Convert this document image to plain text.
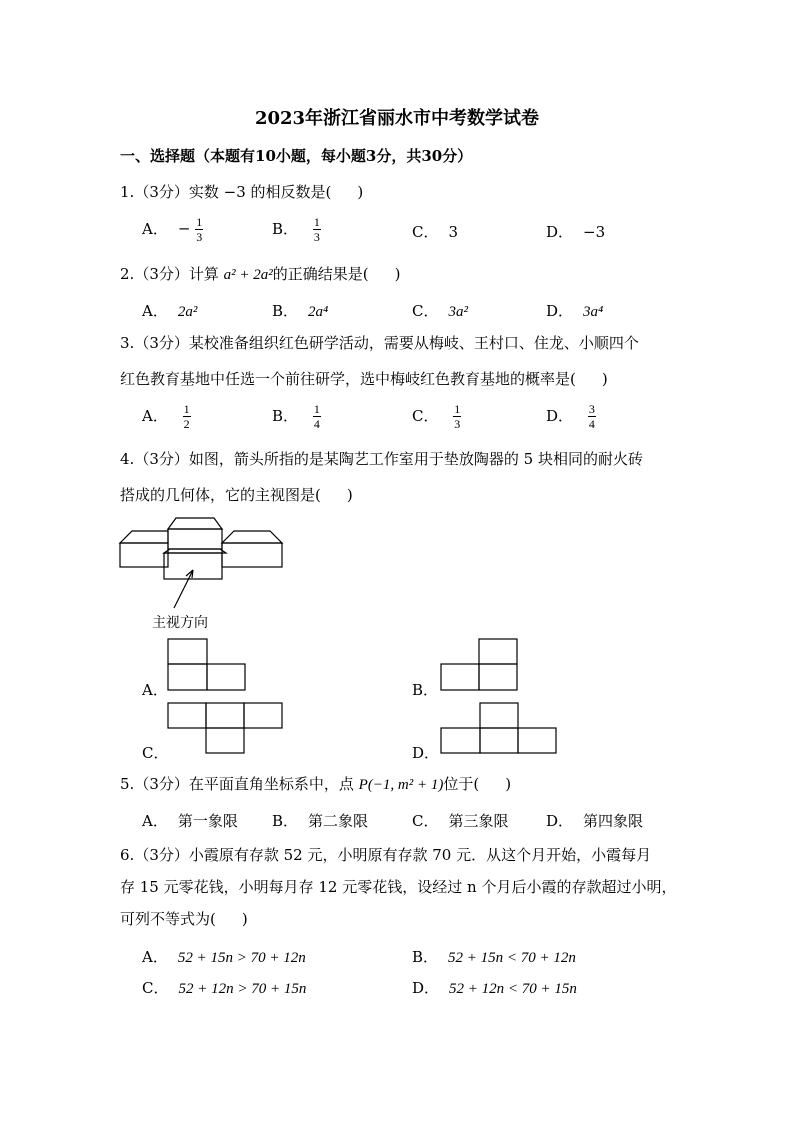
2023年浙江省丽水市中考数学试卷
一、选择题（本题有10小题，每小题3分，共30分）
1.（3分）实数 −3 的相反数是( )
A． − $\frac{1}{3}$	B． $\frac{1}{3}$	C． 3	D． −3
2.（3分）计算 a² + 2a²的正确结果是( )
A． 2a²	B． 2a⁴	C． 3a²	D． 3a⁴
3.（3分）某校准备组织红色研学活动，需要从梅岐、王村口、住龙、小顺四个
红色教育基地中任选一个前往研学，选中梅岐红色教育基地的概率是( )
A． $\frac{1}{2}$	B． $\frac{1}{4}$	C． $\frac{1}{3}$	D． $\frac{3}{4}$
4.（3分）如图，箭头所指的是某陶艺工作室用于垫放陶器的 5 块相同的耐火砖
搭成的几何体，它的主视图是( )
主视方向
A．	B．
C．	D．
5.（3分）在平面直角坐标系中，点 P(−1, m² + 1)位于( )
A． 第一象限 B． 第二象限	C． 第三象限	D． 第四象限
6.（3分）小霞原有存款 52 元，小明原有存款 70 元．从这个月开始，小霞每月
存 15 元零花钱，小明每月存 12 元零花钱，设经过 n 个月后小霞的存款超过小明，
可列不等式为( )
A． 52 + 15n > 70 + 12n	B． 52 + 15n < 70 + 12n
C． 52 + 12n > 70 + 15n	D． 52 + 12n < 70 + 15n
